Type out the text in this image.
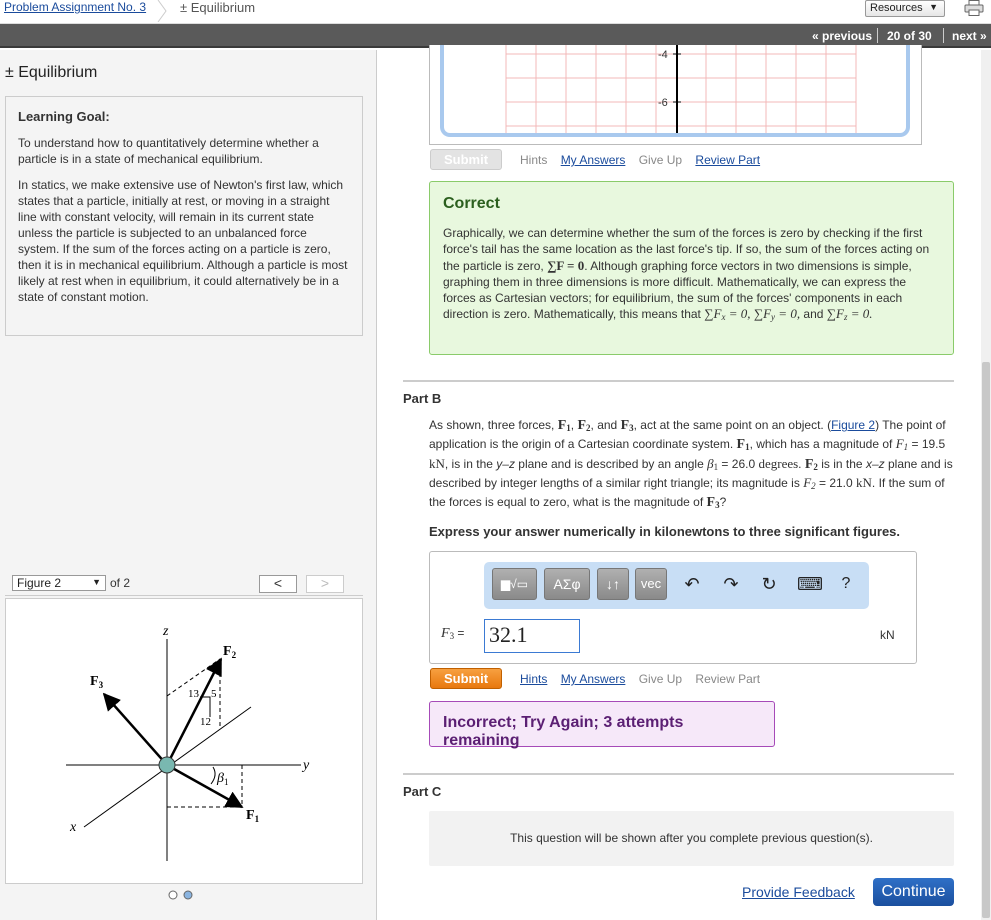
Problem Assignment No. 3	± Equilibrium	Resources ▼
« previous 20 of 30 next »
± Equilibrium
Learning Goal:
To understand how to quantitatively determine whether a particle is in a state of mechanical equilibrium.
In statics, we make extensive use of Newton's first law, which states that a particle, initially at rest, or moving in a straight line with constant velocity, will remain in its current state unless the particle is subjected to an unbalanced force system. If the sum of the forces acting on a particle is zero, then it is in mechanical equilibrium. Although a particle is most likely at rest when in equilibrium, it could alternatively be in a state of constant motion.
Figure 2	▼ of 2	<	>
z
y
x
$F_2$
$F_3$
$F_1$
13 5
12
$\beta_1$
-4
-6
Submit	Hints My Answers Give Up Review Part
Correct
Graphically, we can determine whether the sum of the forces is zero by checking if the first force's tail has the same location as the last force's tip. If so, the sum of the forces acting on the particle is zero, ∑F = 0. Although graphing force vectors in two dimensions is simple, graphing them in three dimensions is more difficult. Mathematically, we can express the forces as Cartesian vectors; for equilibrium, the sum of the forces' components in each direction is zero. Mathematically, this means that $\sum F_x = 0$, $\sum F_y = 0$, and $\sum F_z = 0$.
Part B
As shown, three forces, $F_1$, $F_2$, and $F_3$, act at the same point on an object. (Figure 2) The point of application is the origin of a Cartesian coordinate system. $F_1$, which has a magnitude of $F_1 = 19.5$ kN, is in the y–z plane and is described by an angle $\beta_1 = 26.0$ degrees. $F_2$ is in the x–z plane and is described by integer lengths of a similar right triangle; its magnitude is $F_2 = 21.0$ kN. If the sum of the forces is equal to zero, what is the magnitude of $F_3$?
Express your answer numerically in kilonewtons to three significant figures.
▆√▭	ΑΣφ	↓↑	vec	↶ ↷ ↻ ⌨	?
$F_3 = 32.1$	kN
Submit	Hints My Answers Give Up Review Part
Incorrect; Try Again; 3 attempts remaining
Part C
This question will be shown after you complete previous question(s).
Provide Feedback	Continue
